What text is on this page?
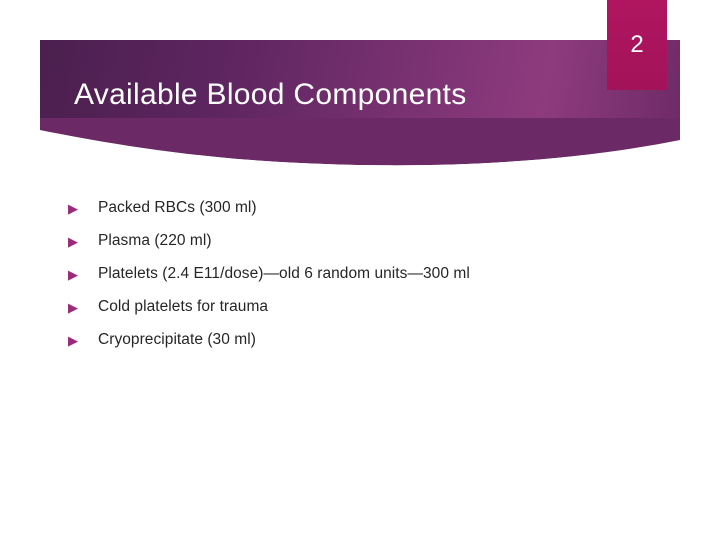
Available Blood Components
2
▶	Packed RBCs (300 ml)
▶	Plasma (220 ml)
▶	Platelets (2.4 E11/dose)—old 6 random units—300 ml
▶	Cold platelets for trauma
▶	Cryoprecipitate (30 ml)
